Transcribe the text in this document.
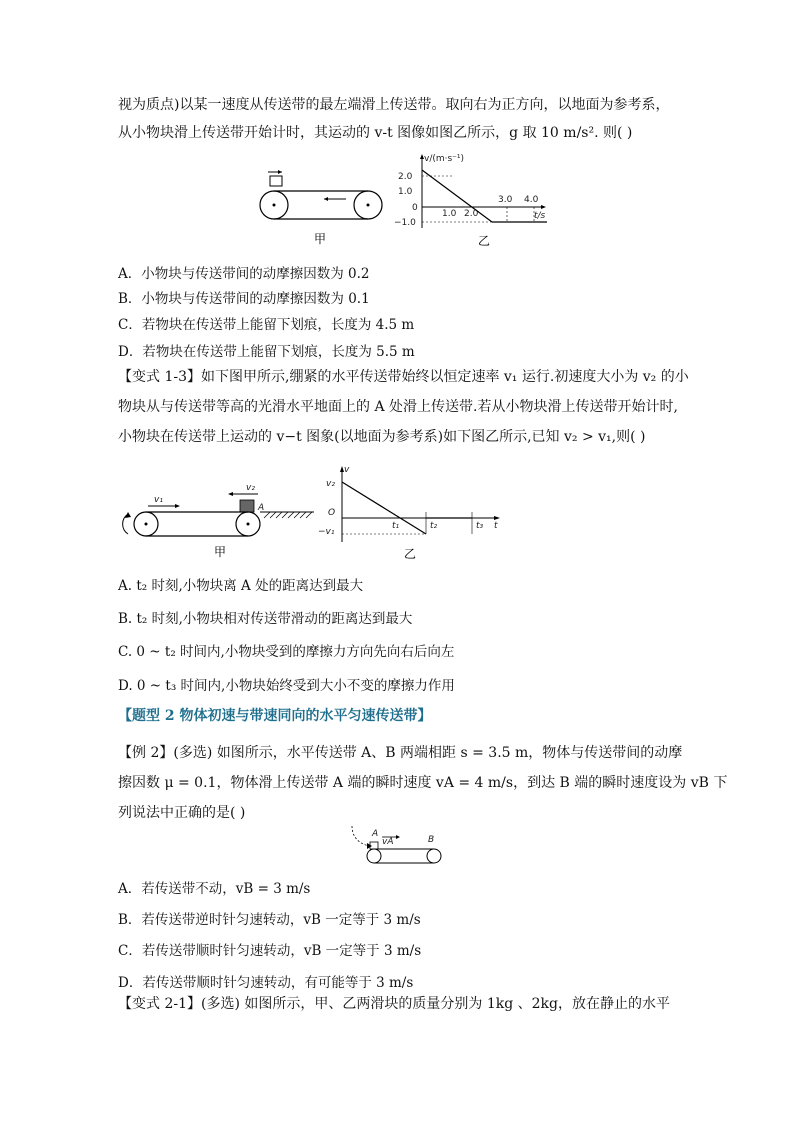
视为质点)以某一速度从传送带的最左端滑上传送带。取向右为正方向，以地面为参考系，
从小物块滑上传送带开始计时，其运动的 v-t 图像如图乙所示，g 取 10 m/s². 则( )
甲
v/(m·s⁻¹)
t/s
2.0
1.0
0
−1.0
1.0 2.0
3.0 4.0
乙
A．小物块与传送带间的动摩擦因数为 0.2
B．小物块与传送带间的动摩擦因数为 0.1
C．若物块在传送带上能留下划痕，长度为 4.5 m
D．若物块在传送带上能留下划痕，长度为 5.5 m
【变式 1-3】如下图甲所示,绷紧的水平传送带始终以恒定速率 v₁ 运行.初速度大小为 v₂ 的小
物块从与传送带等高的光滑水平地面上的 A 处滑上传送带.若从小物块滑上传送带开始计时,
小物块在传送带上运动的 v−t 图象(以地面为参考系)如下图乙所示,已知 v₂ > v₁,则( )
v₁
v₂
A
甲
v
t
v₂
O
−v₁
t₁	t₂	t₃
乙
A. t₂ 时刻,小物块离 A 处的距离达到最大
B. t₂ 时刻,小物块相对传送带滑动的距离达到最大
C. 0 ~ t₂ 时间内,小物块受到的摩擦力方向先向右后向左
D. 0 ~ t₃ 时间内,小物块始终受到大小不变的摩擦力作用
【题型 2 物体初速与带速同向的水平匀速传送带】
【例 2】(多选) 如图所示，水平传送带 A、B 两端相距 s = 3.5 m，物体与传送带间的动摩
擦因数 μ = 0.1，物体滑上传送带 A 端的瞬时速度 vA = 4 m/s，到达 B 端的瞬时速度设为 vB 下
列说法中正确的是( )
A
vA	B
A．若传送带不动，vB = 3 m/s
B．若传送带逆时针匀速转动，vB 一定等于 3 m/s
C．若传送带顺时针匀速转动，vB 一定等于 3 m/s
D．若传送带顺时针匀速转动，有可能等于 3 m/s
【变式 2-1】(多选) 如图所示，甲、乙两滑块的质量分别为 1kg 、2kg，放在静止的水平
